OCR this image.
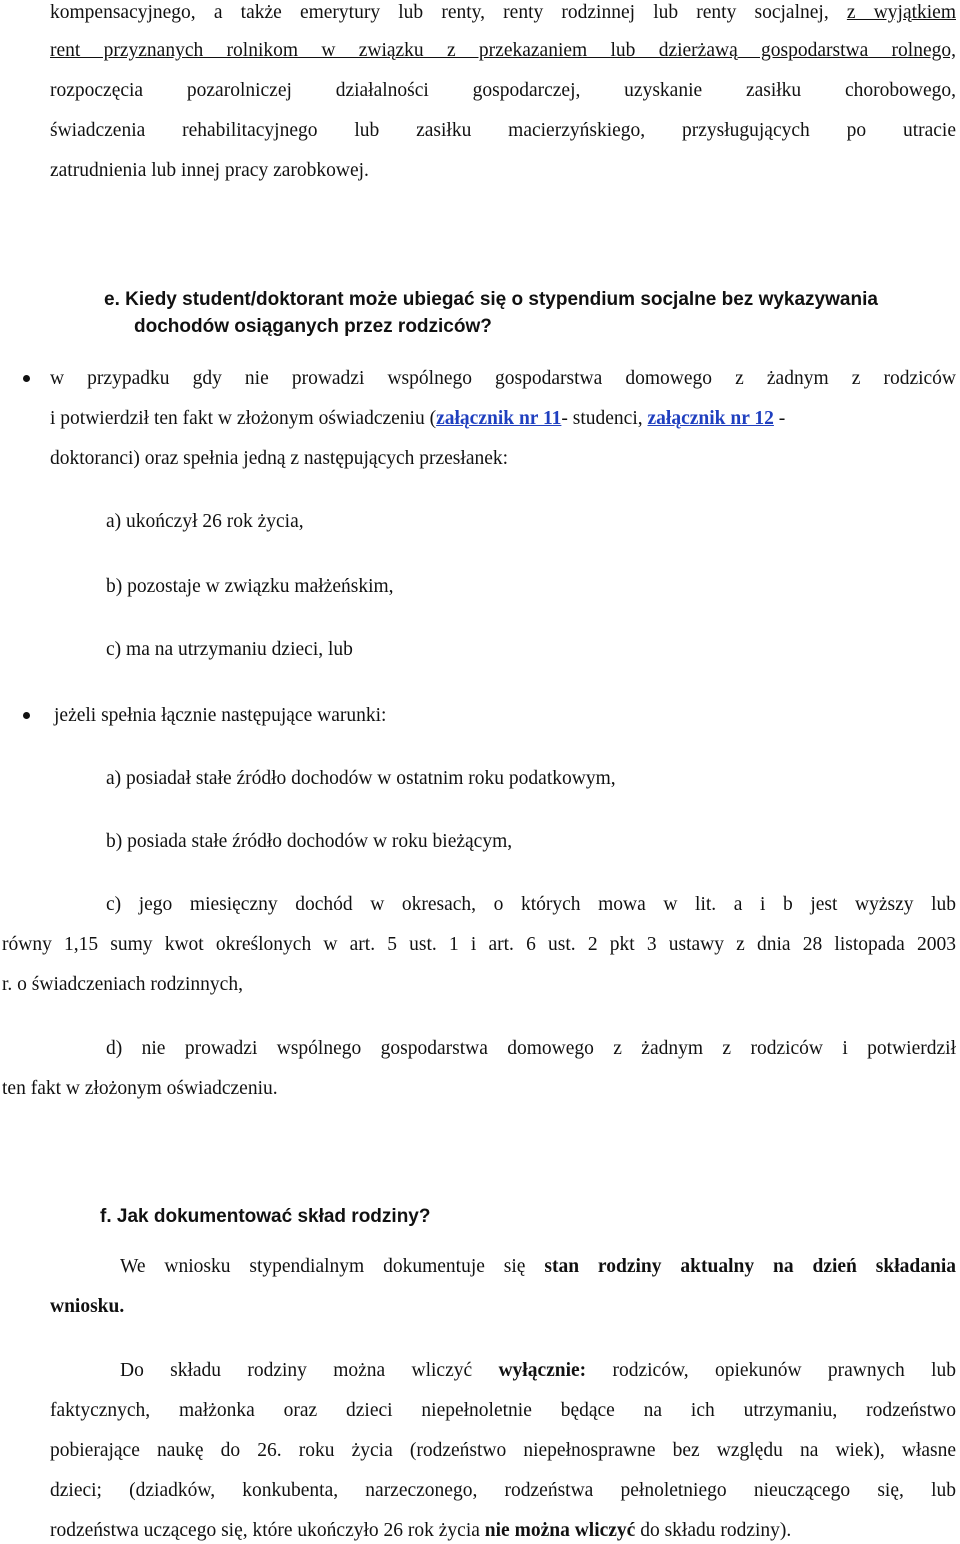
kompensacyjnego, a także emerytury lub renty, renty rodzinnej lub renty socjalnej, z wyjątkiem
rent przyznanych rolnikom w związku z przekazaniem lub dzierżawą gospodarstwa rolnego,
rozpoczęcia pozarolniczej działalności gospodarczej, uzyskanie zasiłku chorobowego,
świadczenia rehabilitacyjnego lub zasiłku macierzyńskiego, przysługujących po utracie
zatrudnienia lub innej pracy zarobkowej.
e. Kiedy student/doktorant może ubiegać się o stypendium socjalne bez wykazywania
dochodów osiąganych przez rodziców?
w przypadku gdy nie prowadzi wspólnego gospodarstwa domowego z żadnym z rodziców
i potwierdził ten fakt w złożonym oświadczeniu (załącznik nr 11- studenci, załącznik nr 12 -
doktoranci) oraz spełnia jedną z następujących przesłanek:
a) ukończył 26 rok życia,
b) pozostaje w związku małżeńskim,
c) ma na utrzymaniu dzieci, lub
jeżeli spełnia łącznie następujące warunki:
a) posiadał stałe źródło dochodów w ostatnim roku podatkowym,
b) posiada stałe źródło dochodów w roku bieżącym,
c) jego miesięczny dochód w okresach, o których mowa w lit. a i b jest wyższy lub
równy 1,15 sumy kwot określonych w art. 5 ust. 1 i art. 6 ust. 2 pkt 3 ustawy z dnia 28 listopada 2003
r. o świadczeniach rodzinnych,
d) nie prowadzi wspólnego gospodarstwa domowego z żadnym z rodziców i potwierdził
ten fakt w złożonym oświadczeniu.
f. Jak dokumentować skład rodziny?
We wniosku stypendialnym dokumentuje się stan rodziny aktualny na dzień składania
wniosku.
Do składu rodziny można wliczyć wyłącznie: rodziców, opiekunów prawnych lub
faktycznych, małżonka oraz dzieci niepełnoletnie będące na ich utrzymaniu, rodzeństwo
pobierające naukę do 26. roku życia (rodzeństwo niepełnosprawne bez względu na wiek), własne
dzieci; (dziadków, konkubenta, narzeczonego, rodzeństwa pełnoletniego nieuczącego się, lub
rodzeństwa uczącego się, które ukończyło 26 rok życia nie można wliczyć do składu rodziny).
